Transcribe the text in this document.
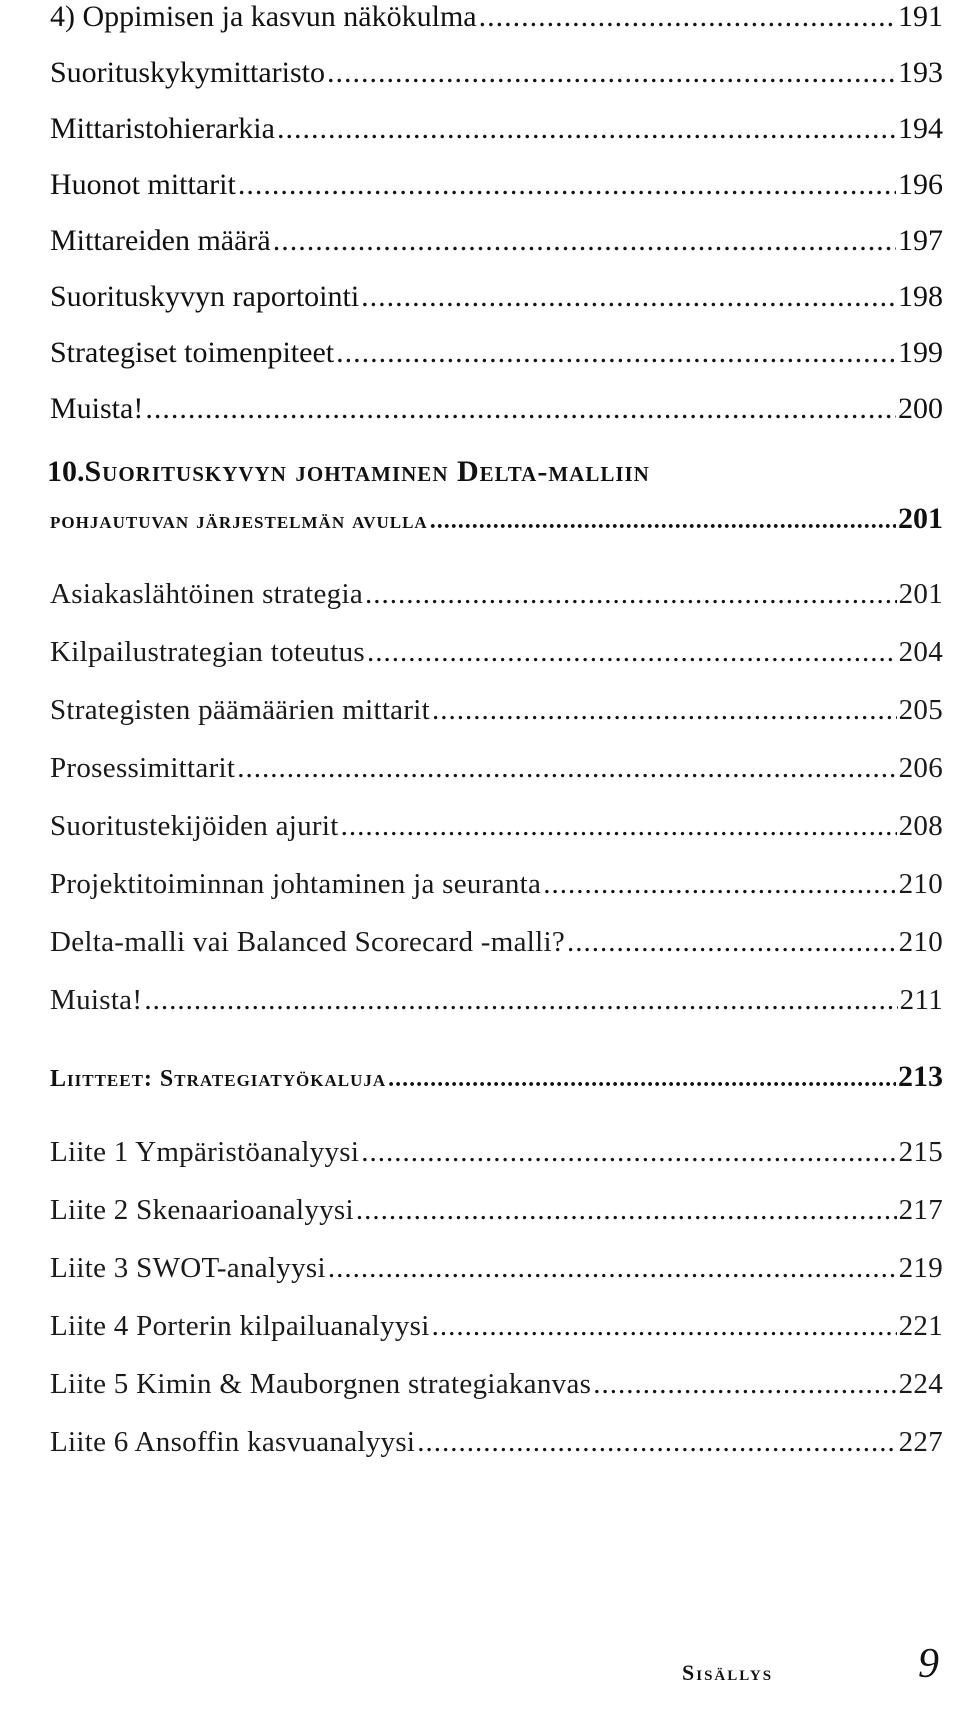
4) Oppimisen ja kasvun näkökulma .....	191
Suorituskykymittaristo .....	193
Mittaristohierarkia .....	194
Huonot mittarit .....	196
Mittareiden määrä .....	197
Suorituskyvyn raportointi .....	198
Strategiset toimenpiteet .....	199
Muista! .....	200
10.Suorituskyvyn johtaminen Delta-malliin
pohjautuvan järjestelmän avulla .....	201
Asiakaslähtöinen strategia .....	201
Kilpailustrategian toteutus .....	204
Strategisten päämäärien mittarit .....	205
Prosessimittarit .....	206
Suoritustekijöiden ajurit .....	208
Projektitoiminnan johtaminen ja seuranta .....	210
Delta-malli vai Balanced Scorecard -malli? .....	210
Muista! .....	211
Liitteet: Strategiatyökaluja .....	213
Liite 1 Ympäristöanalyysi .....	215
Liite 2 Skenaarioanalyysi .....	217
Liite 3 SWOT-analyysi .....	219
Liite 4 Porterin kilpailuanalyysi .....	221
Liite 5 Kimin & Mauborgnen strategiakanvas .....	224
Liite 6 Ansoffin kasvuanalyysi .....	227
Sisällys	9
